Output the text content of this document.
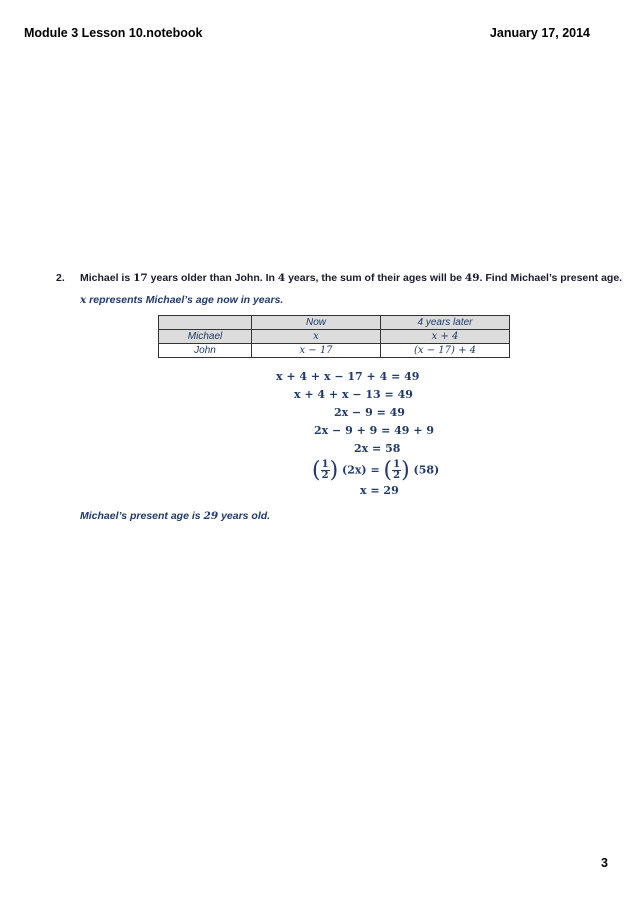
Module 3 Lesson 10.notebook	January 17, 2014
2. Michael is 17 years older than John. In 4 years, the sum of their ages will be 49. Find Michael’s present age.
x represents Michael’s age now in years.
	Now	4 years later
Michael	x	x + 4
John	x − 17	(x − 17) + 4
x + 4 + x − 17 + 4 = 49
x + 4 + x − 13 = 49
2x − 9 = 49
2x − 9 + 9 = 49 + 9
2x = 58
( $\frac{1}{2}$ ) (2x) = ( $\frac{1}{2}$ ) (58)
x = 29
Michael’s present age is 29 years old.
3
